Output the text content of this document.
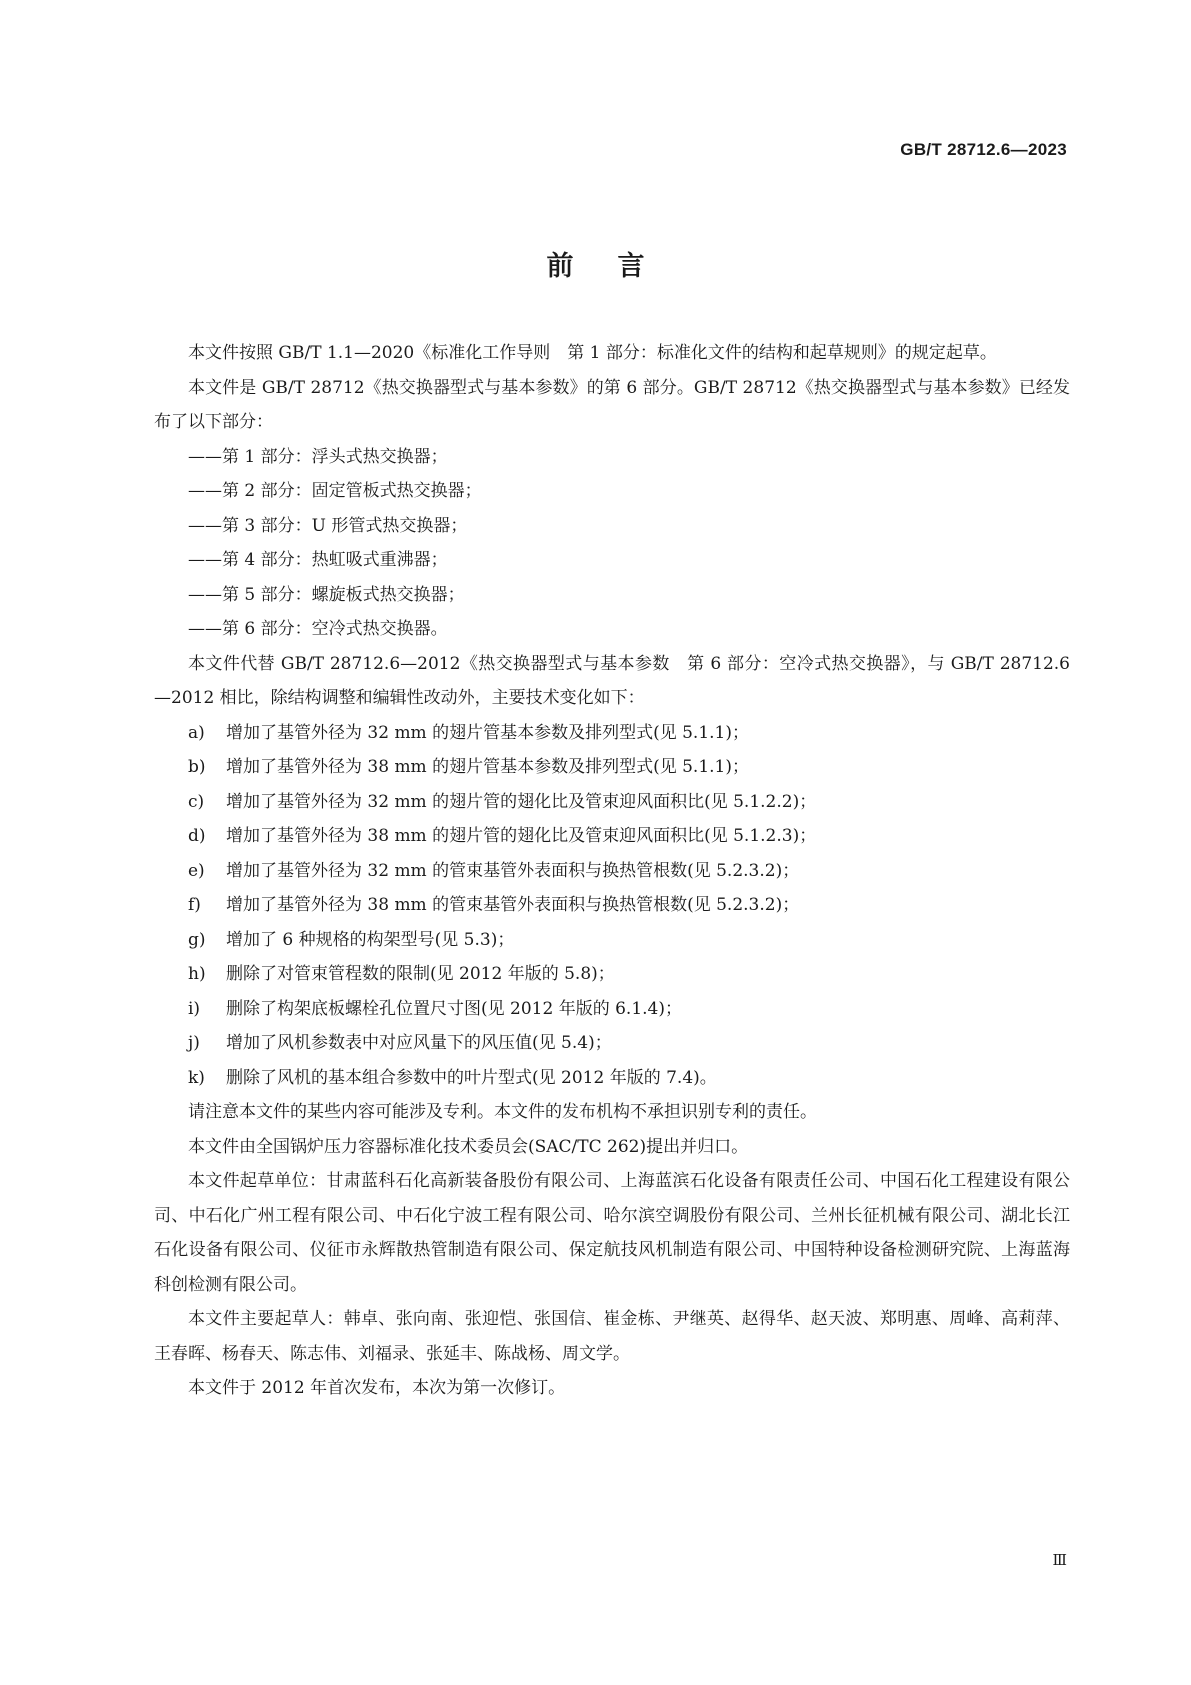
GB/T 28712.6—2023
前言

本文件按照 GB/T 1.1—2020《标准化工作导则　第 1 部分：标准化文件的结构和起草规则》的规定起草。

本文件是 GB/T 28712《热交换器型式与基本参数》的第 6 部分。GB/T 28712《热交换器型式与基本参数》已经发布了以下部分：

——第 1 部分：浮头式热交换器；

——第 2 部分：固定管板式热交换器；

——第 3 部分：U 形管式热交换器；

——第 4 部分：热虹吸式重沸器；

——第 5 部分：螺旋板式热交换器；

——第 6 部分：空冷式热交换器。

本文件代替 GB/T 28712.6—2012《热交换器型式与基本参数　第 6 部分：空冷式热交换器》，与 GB/T 28712.6—2012 相比，除结构调整和编辑性改动外，主要技术变化如下：

a) 增加了基管外径为 32 mm 的翅片管基本参数及排列型式(见 5.1.1)；

b) 增加了基管外径为 38 mm 的翅片管基本参数及排列型式(见 5.1.1)；

c) 增加了基管外径为 32 mm 的翅片管的翅化比及管束迎风面积比(见 5.1.2.2)；

d) 增加了基管外径为 38 mm 的翅片管的翅化比及管束迎风面积比(见 5.1.2.3)；

e) 增加了基管外径为 32 mm 的管束基管外表面积与换热管根数(见 5.2.3.2)；

f) 增加了基管外径为 38 mm 的管束基管外表面积与换热管根数(见 5.2.3.2)；

g) 增加了 6 种规格的构架型号(见 5.3)；

h) 删除了对管束管程数的限制(见 2012 年版的 5.8)；

i) 删除了构架底板螺栓孔位置尺寸图(见 2012 年版的 6.1.4)；

j) 增加了风机参数表中对应风量下的风压值(见 5.4)；

k) 删除了风机的基本组合参数中的叶片型式(见 2012 年版的 7.4)。

请注意本文件的某些内容可能涉及专利。本文件的发布机构不承担识别专利的责任。

本文件由全国锅炉压力容器标准化技术委员会(SAC/TC 262)提出并归口。

本文件起草单位：甘肃蓝科石化高新装备股份有限公司、上海蓝滨石化设备有限责任公司、中国石化工程建设有限公司、中石化广州工程有限公司、中石化宁波工程有限公司、哈尔滨空调股份有限公司、兰州长征机械有限公司、湖北长江石化设备有限公司、仪征市永辉散热管制造有限公司、保定航技风机制造有限公司、中国特种设备检测研究院、上海蓝海科创检测有限公司。

本文件主要起草人：韩卓、张向南、张迎恺、张国信、崔金栋、尹继英、赵得华、赵天波、郑明惠、周峰、高莉萍、王春晖、杨春天、陈志伟、刘福录、张延丰、陈战杨、周文学。

本文件于 2012 年首次发布，本次为第一次修订。

Ⅲ
